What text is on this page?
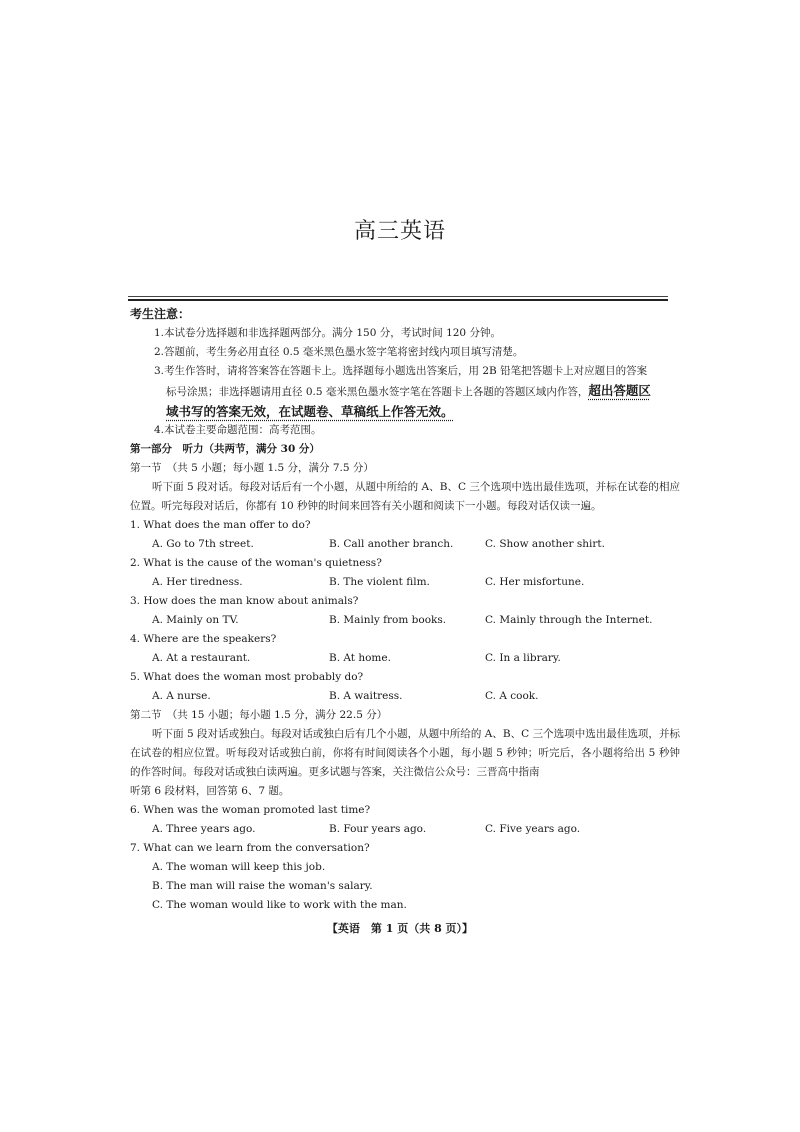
高三英语
考生注意：
1.本试卷分选择题和非选择题两部分。满分 150 分，考试时间 120 分钟。
2.答题前，考生务必用直径 0.5 毫米黑色墨水签字笔将密封线内项目填写清楚。
3.考生作答时，请将答案答在答题卡上。选择题每小题选出答案后，用 2B 铅笔把答题卡上对应题目的答案
标号涂黑；非选择题请用直径 0.5 毫米黑色墨水签字笔在答题卡上各题的答题区域内作答，超出答题区
域书写的答案无效，在试题卷、草稿纸上作答无效。
4.本试卷主要命题范围：高考范围。
第一部分　听力（共两节，满分 30 分）
第一节　（共 5 小题；每小题 1.5 分，满分 7.5 分）
听下面 5 段对话。每段对话后有一个小题，从题中所给的 A、B、C 三个选项中选出最佳选项，并标在试卷的相应位置。听完每段对话后，你都有 10 秒钟的时间来回答有关小题和阅读下一小题。每段对话仅读一遍。
1. What does the man offer to do?
A. Go to 7th street.	B. Call another branch.	C. Show another shirt.
2. What is the cause of the woman's quietness?
A. Her tiredness.	B. The violent film.	C. Her misfortune.
3. How does the man know about animals?
A. Mainly on TV.	B. Mainly from books.	C. Mainly through the Internet.
4. Where are the speakers?
A. At a restaurant.	B. At home.	C. In a library.
5. What does the woman most probably do?
A. A nurse.	B. A waitress.	C. A cook.
第二节　（共 15 小题；每小题 1.5 分，满分 22.5 分）
听下面 5 段对话或独白。每段对话或独白后有几个小题，从题中所给的 A、B、C 三个选项中选出最佳选项，并标在试卷的相应位置。听每段对话或独白前，你将有时间阅读各个小题，每小题 5 秒钟；听完后，各小题将给出 5 秒钟的作答时间。每段对话或独白读两遍。更多试题与答案，关注微信公众号：三晋高中指南
听第 6 段材料，回答第 6、7 题。
6. When was the woman promoted last time?
A. Three years ago.	B. Four years ago.	C. Five years ago.
7. What can we learn from the conversation?
A. The woman will keep this job.
B. The man will raise the woman's salary.
C. The woman would like to work with the man.
【英语　第 1 页（共 8 页）】
